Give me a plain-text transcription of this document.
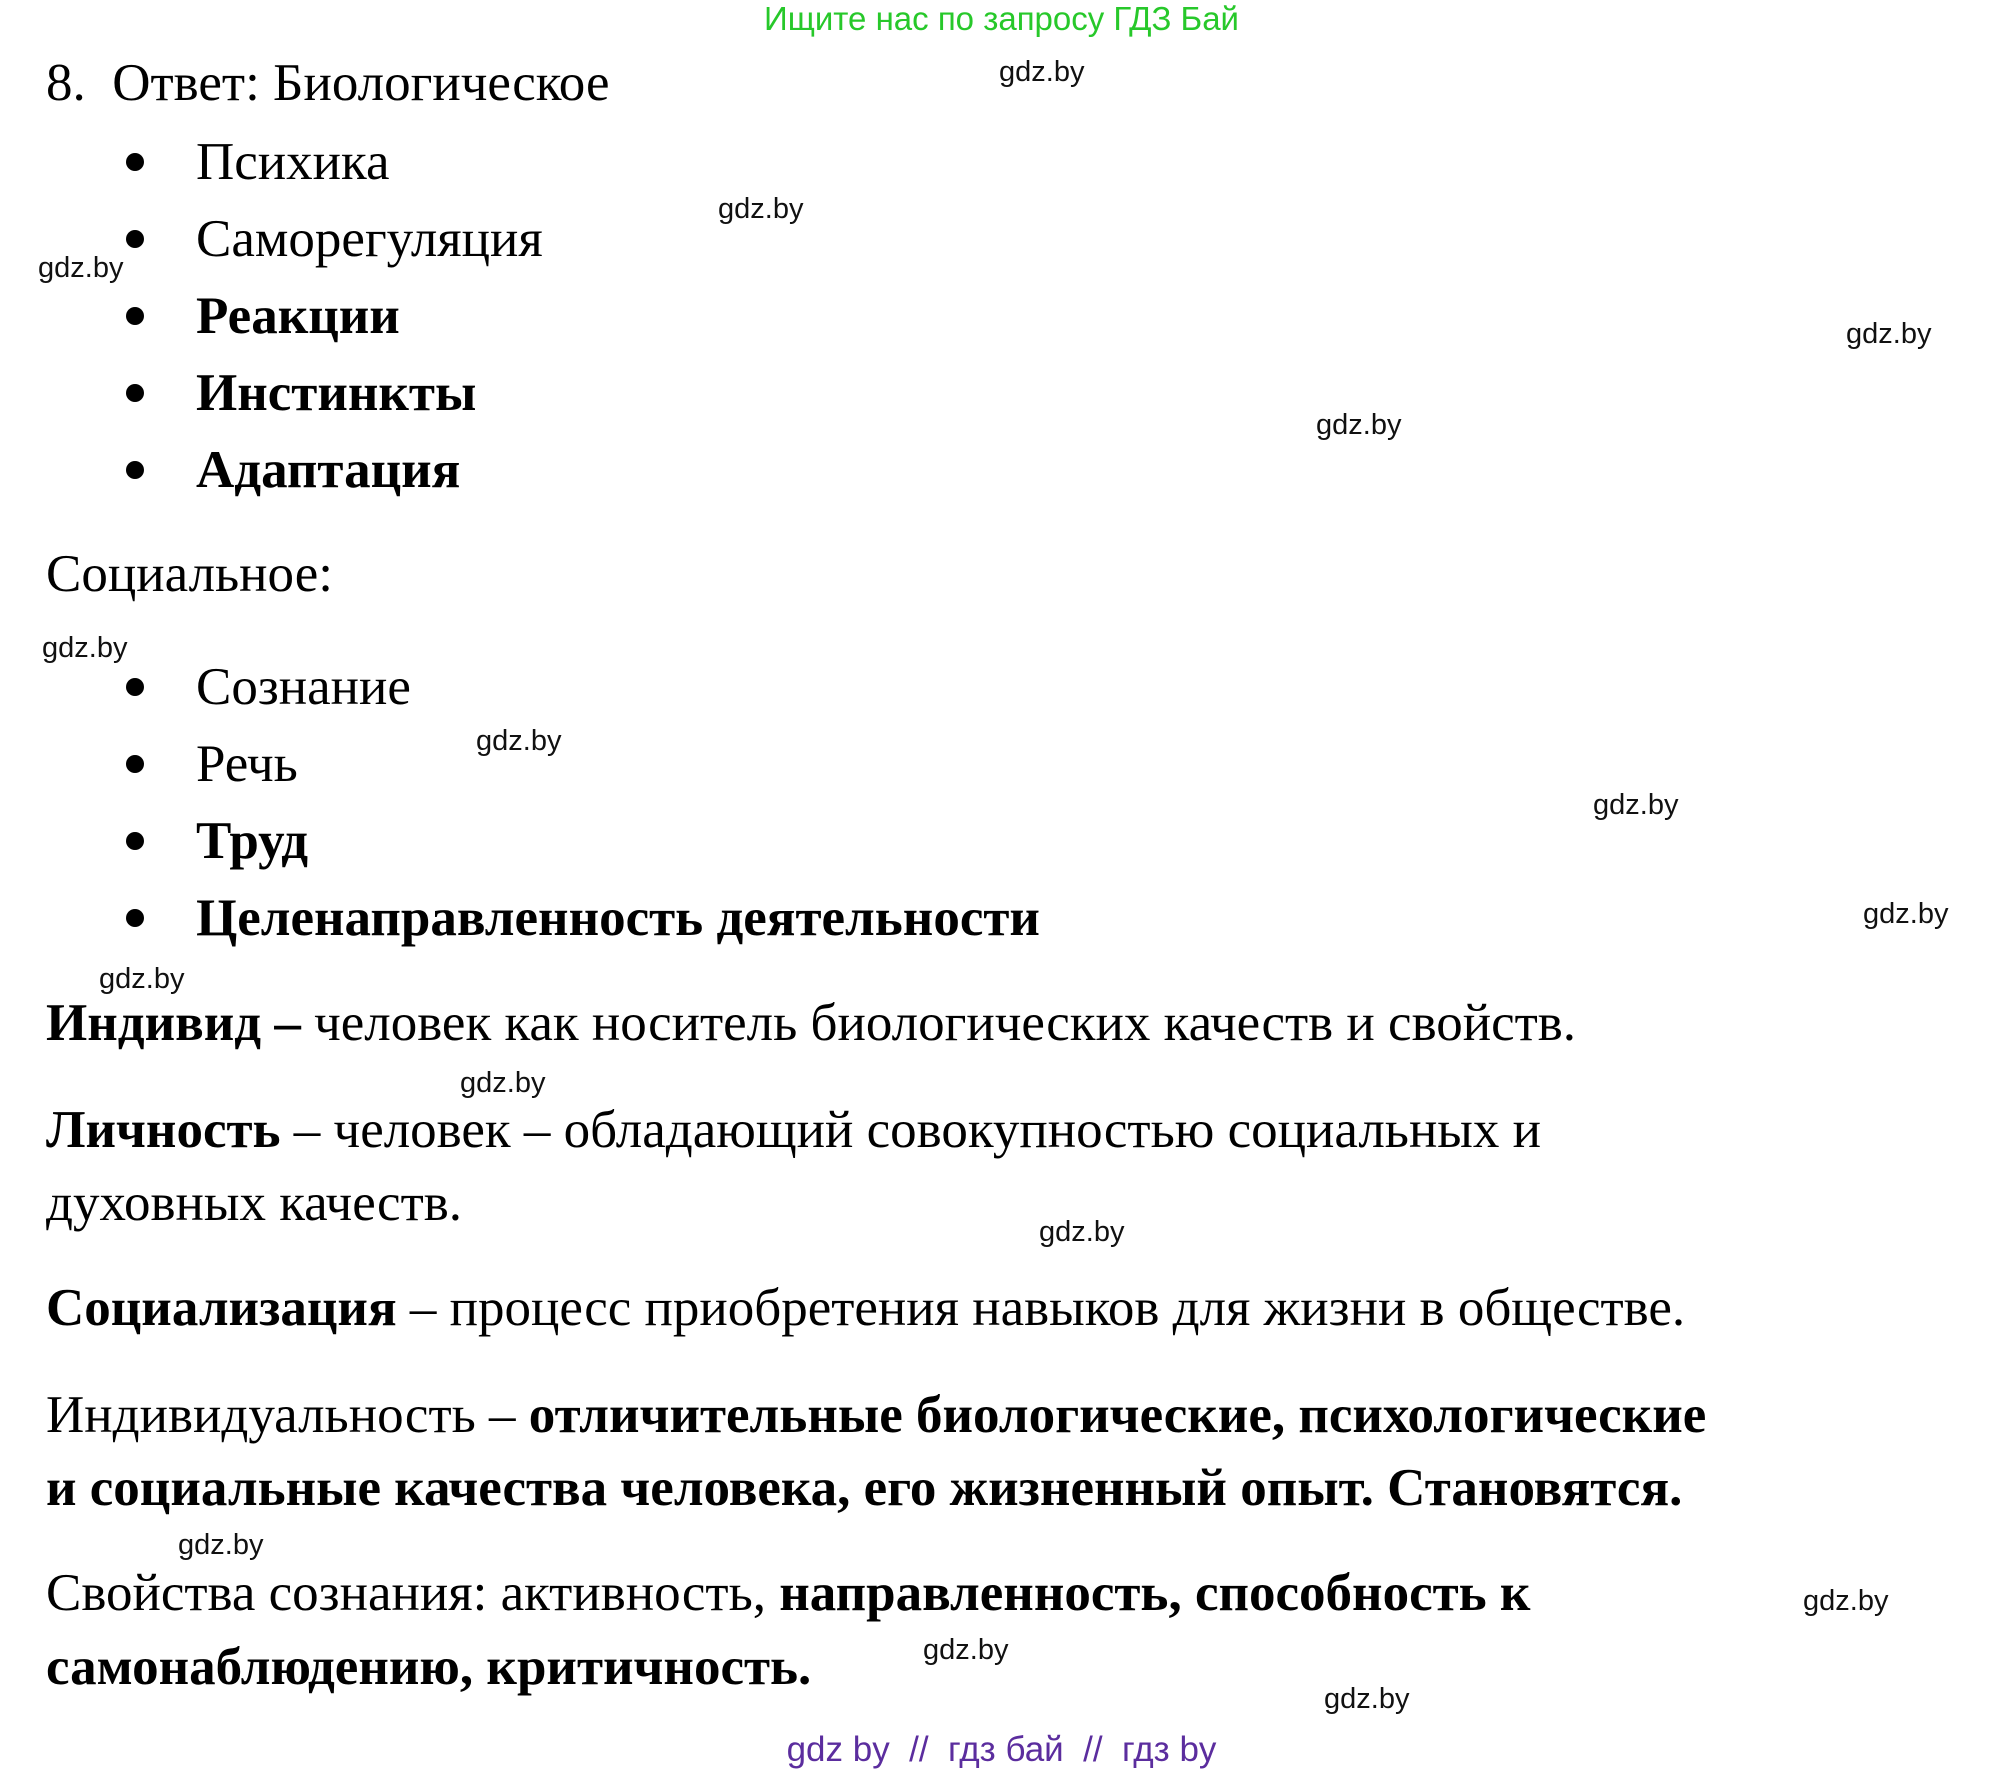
Ищите нас по запросу ГДЗ Бай
8. Ответ: Биологическое
Психика
Саморегуляция
Реакции
Инстинкты
Адаптация
Социальное:
Сознание
Речь
Труд
Целенаправленность деятельности
Индивид – человек как носитель биологических качеств и свойств.
Личность – человек – обладающий совокупностью социальных и
духовных качеств.
Социализация – процесс приобретения навыков для жизни в обществе.
Индивидуальность – отличительные биологические, психологические
и социальные качества человека, его жизненный опыт. Становятся.
Свойства сознания: активность, направленность, способность к
самонаблюдению, критичность.
gdz.by
gdz.by
gdz.by
gdz.by
gdz.by
gdz.by
gdz.by
gdz.by
gdz.by
gdz.by
gdz.by
gdz.by
gdz.by
gdz.by
gdz.by
gdz.by
gdz by  //  гдз бай  //  гдз by
